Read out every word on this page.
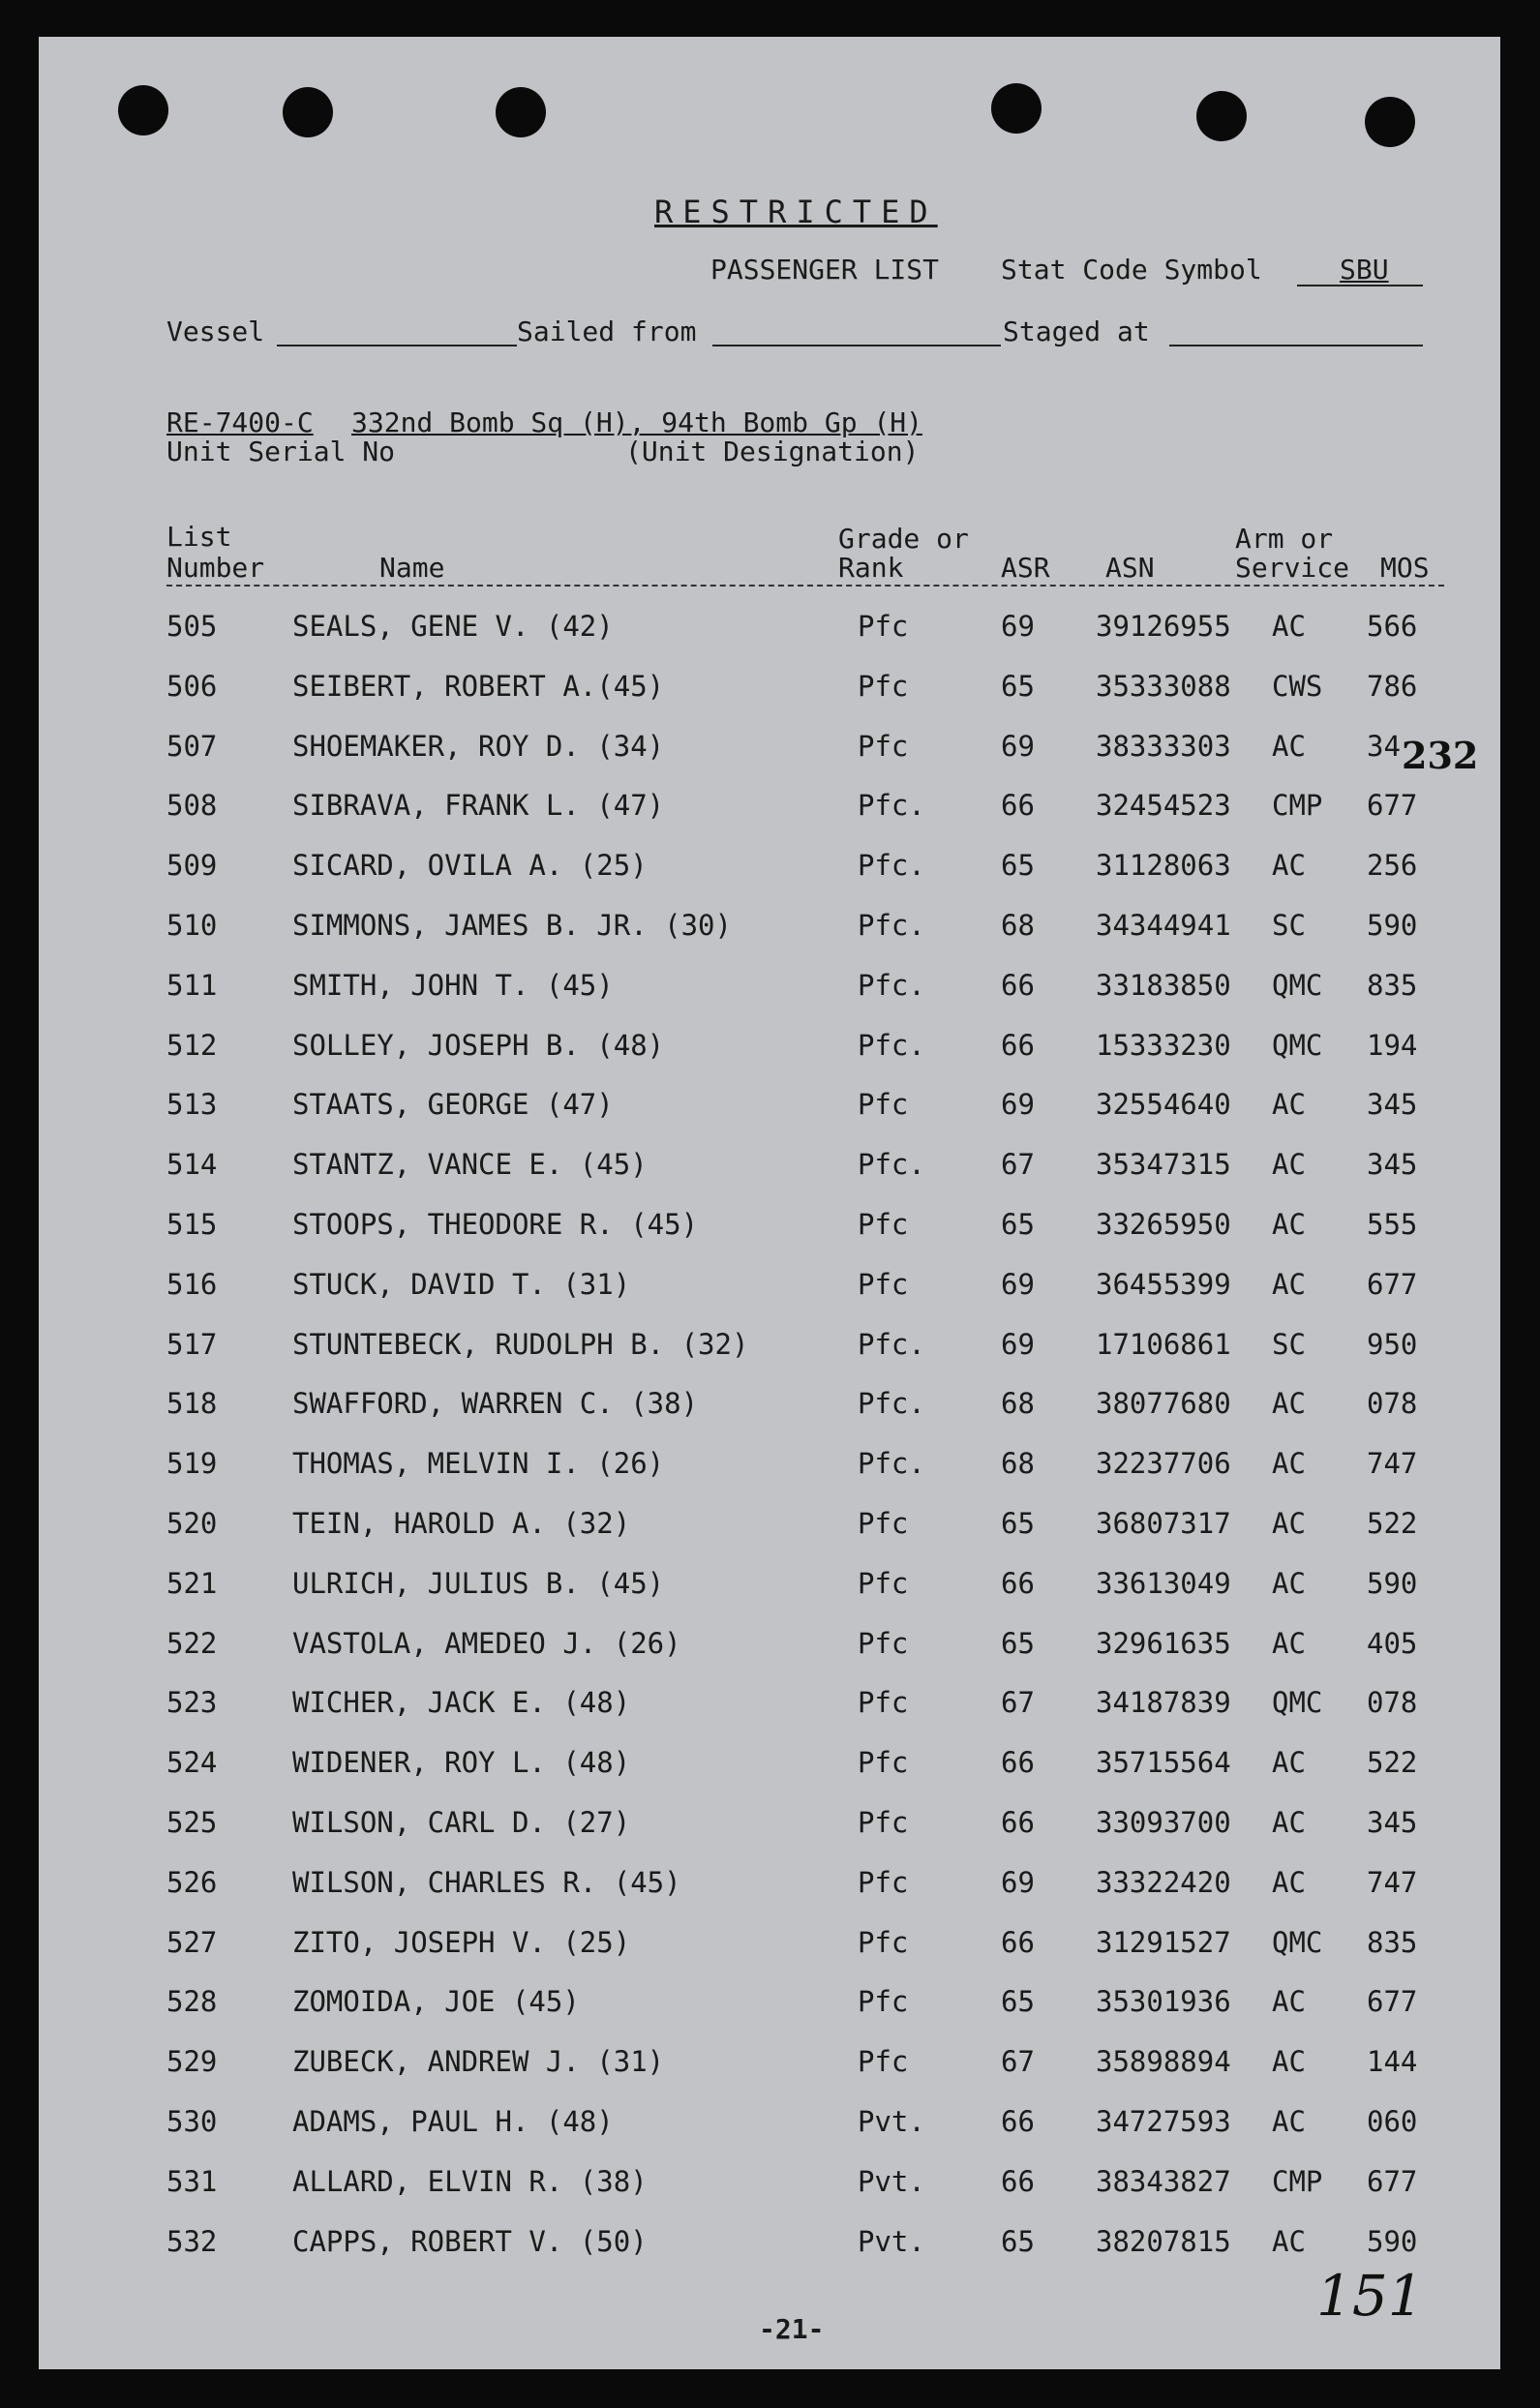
RESTRICTED
PASSENGER LIST Stat Code Symbol	SBU
Vessel	Sailed from	Staged at
RE-7400-C 332nd Bomb Sq (H), 94th Bomb Gp (H)
Unit Serial No	(Unit Designation)
List
Number	Name
Grade or
Rank	ASR ASN
Arm or
Service MOS
505	SEALS, GENE V. (42)	Pfc	69 39126955 AC 566
506	SEIBERT, ROBERT A.(45)	Pfc	65 35333088 CWS 786
507	SHOEMAKER, ROY D. (34)	Pfc	69 38333303 AC 34
508	SIBRAVA, FRANK L. (47)	Pfc.	66 32454523 CMP 677
509	SICARD, OVILA A. (25)	Pfc.	65 31128063 AC 256
510	SIMMONS, JAMES B. JR. (30)	Pfc.	68 34344941 SC 590
511	SMITH, JOHN T. (45)	Pfc.	66 33183850 QMC 835
512	SOLLEY, JOSEPH B. (48)	Pfc.	66 15333230 QMC 194
513	STAATS, GEORGE (47)	Pfc	69 32554640 AC 345
514	STANTZ, VANCE E. (45)	Pfc.	67 35347315 AC 345
515	STOOPS, THEODORE R. (45)	Pfc	65 33265950 AC 555
516	STUCK, DAVID T. (31)	Pfc	69 36455399 AC 677
517	STUNTEBECK, RUDOLPH B. (32)	Pfc.	69 17106861 SC 950
518	SWAFFORD, WARREN C. (38)	Pfc.	68 38077680 AC 078
519	THOMAS, MELVIN I. (26)	Pfc.	68 32237706 AC 747
520	TEIN, HAROLD A. (32)	Pfc	65 36807317 AC 522
521	ULRICH, JULIUS B. (45)	Pfc	66 33613049 AC 590
522	VASTOLA, AMEDEO J. (26)	Pfc	65 32961635 AC 405
523	WICHER, JACK E. (48)	Pfc	67 34187839 QMC 078
524	WIDENER, ROY L. (48)	Pfc	66 35715564 AC 522
525	WILSON, CARL D. (27)	Pfc	66 33093700 AC 345
526	WILSON, CHARLES R. (45)	Pfc	69 33322420 AC 747
527	ZITO, JOSEPH V. (25)	Pfc	66 31291527 QMC 835
528	ZOMOIDA, JOE (45)	Pfc	65 35301936 AC 677
529	ZUBECK, ANDREW J. (31)	Pfc	67 35898894 AC 144
530	ADAMS, PAUL H. (48)	Pvt.	66 34727593 AC 060
531	ALLARD, ELVIN R. (38)	Pvt.	66 38343827 CMP 677
532	CAPPS, ROBERT V. (50)	Pvt.	65 38207815 AC 590
232
-21-
151
